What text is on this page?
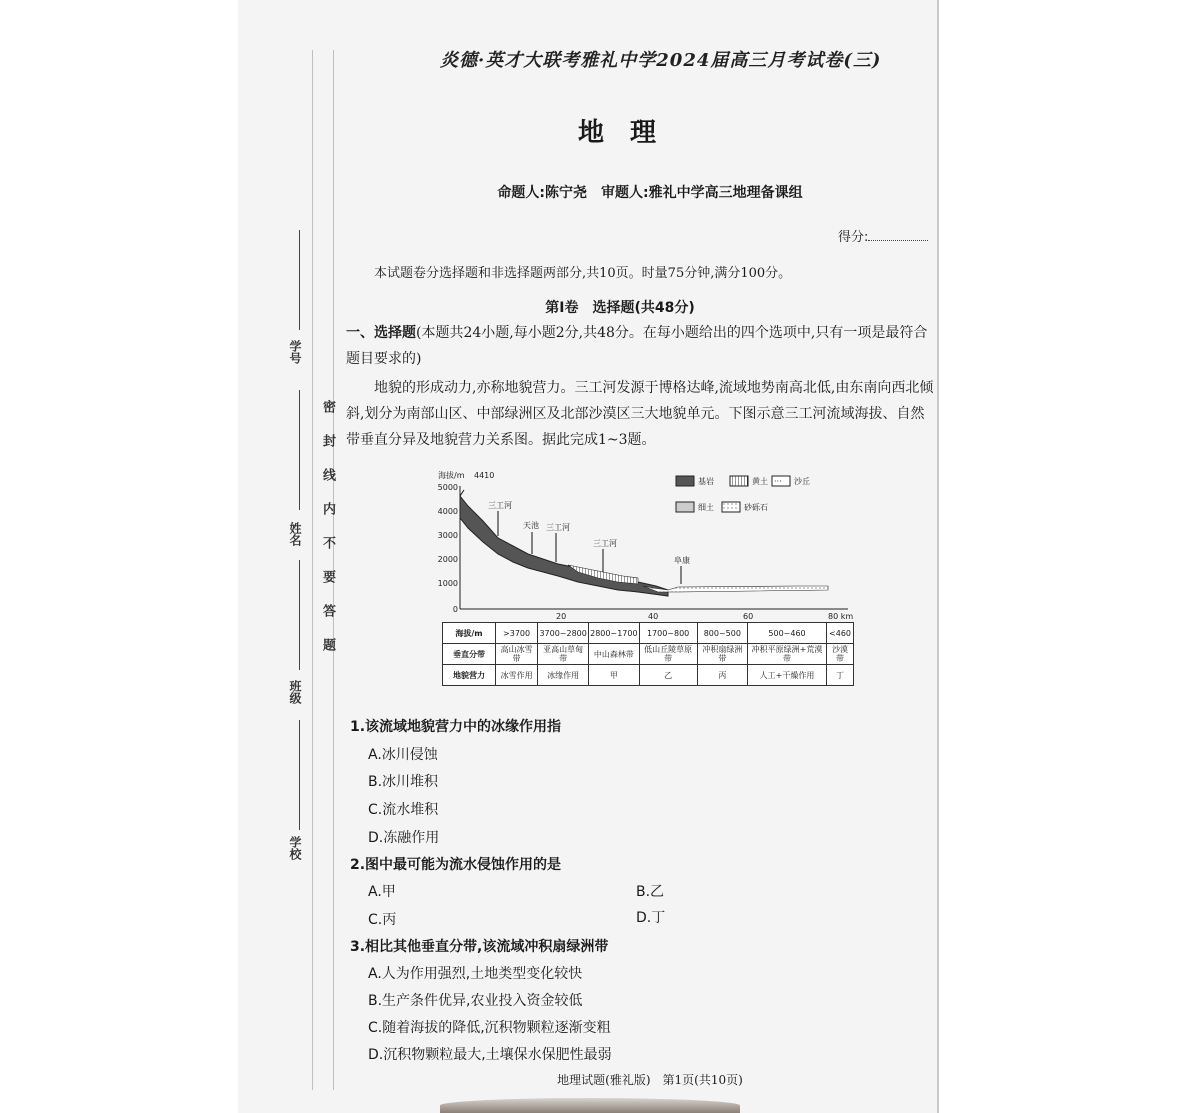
学号
姓名
班级
学校
密封线内不要答题
炎德·英才大联考雅礼中学2024届高三月考试卷(三)
地理
命题人:陈宁尧　审题人:雅礼中学高三地理备课组
得分:
本试题卷分选择题和非选择题两部分,共10页。时量75分钟,满分100分。
第Ⅰ卷　选择题(共48分)
一、选择题(本题共24小题,每小题2分,共48分。在每小题给出的四个选项中,只有一项是最符合题目要求的)
地貌的形成动力,亦称地貌营力。三工河发源于博格达峰,流域地势南高北低,由东南向西北倾斜,划分为南部山区、中部绿洲区及北部沙漠区三大地貌单元。下图示意三工河流域海拔、自然带垂直分异及地貌营力关系图。据此完成1~3题。
海拔/m 4410
5000
4000
3000
2000
1000
0
20	40	60	80 km
三工河
天池 三工河
三工河
阜康
基岩	黄土 ··· 沙丘
细土	砂砾石
海拔/m	>3700	3700~2800	2800~1700	1700~800	800~500	500~460	<460
垂直分带	高山冰雪带	亚高山草甸带	中山森林带	低山丘陵草原带	冲积扇绿洲带	冲积平原绿洲+荒漠带	沙漠带
地貌营力	冰雪作用	冰缘作用	甲	乙	丙	人工+干燥作用	丁
1.该流域地貌营力中的冰缘作用指
A.冰川侵蚀
B.冰川堆积
C.流水堆积
D.冻融作用
2.图中最可能为流水侵蚀作用的是
A.甲	B.乙
C.丙	D.丁
3.相比其他垂直分带,该流域冲积扇绿洲带
A.人为作用强烈,土地类型变化较快
B.生产条件优异,农业投入资金较低
C.随着海拔的降低,沉积物颗粒逐渐变粗
D.沉积物颗粒最大,土壤保水保肥性最弱
地理试题(雅礼版)　第1页(共10页)
